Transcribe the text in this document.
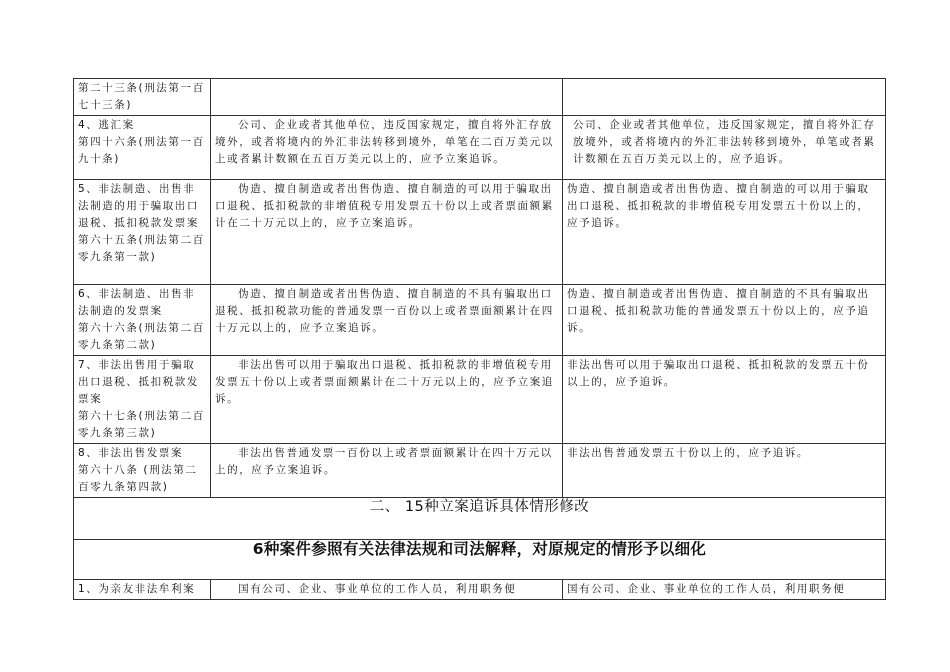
第二十三条(刑法第一百七十三条)		

4、逃汇案
第四十六条(刑法第一百九十条)	公司、企业或者其他单位，违反国家规定，擅自将外汇存放境外，或者将境内的外汇非法转移到境外，单笔在二百万美元以上或者累计数额在五百万美元以上的，应予立案追诉。	公司、企业或者其他单位，违反国家规定，擅自将外汇存放境外，或者将境内的外汇非法转移到境外，单笔或者累计数额在五百万美元以上的，应予追诉。

5、非法制造、出售非法制造的用于骗取出口退税、抵扣税款发票案
第六十五条(刑法第二百零九条第一款)	伪造、擅自制造或者出售伪造、擅自制造的可以用于骗取出口退税、抵扣税款的非增值税专用发票五十份以上或者票面额累计在二十万元以上的，应予立案追诉。	伪造、擅自制造或者出售伪造、擅自制造的可以用于骗取出口退税、抵扣税款的非增值税专用发票五十份以上的，应予追诉。

6、非法制造、出售非法制造的发票案
第六十六条(刑法第二百零九条第二款)	伪造、擅自制造或者出售伪造、擅自制造的不具有骗取出口退税、抵扣税款功能的普通发票一百份以上或者票面额累计在四十万元以上的，应予立案追诉。	伪造、擅自制造或者出售伪造、擅自制造的不具有骗取出口退税、抵扣税款功能的普通发票五十份以上的，应予追诉。

7、非法出售用于骗取出口退税、抵扣税款发票案
第六十七条(刑法第二百零九条第三款)	非法出售可以用于骗取出口退税、抵扣税款的非增值税专用发票五十份以上或者票面额累计在二十万元以上的，应予立案追诉。	非法出售可以用于骗取出口退税、抵扣税款的发票五十份以上的，应予追诉。

8、非法出售发票案
第六十八条 (刑法第二百零九条第四款)	非法出售普通发票一百份以上或者票面额累计在四十万元以上的，应予立案追诉。	非法出售普通发票五十份以上的，应予追诉。
二、 15种立案追诉具体情形修改		
6种案件参照有关法律法规和司法解释，对原规定的情形予以细化		
1、为亲友非法牟利案	国有公司、企业、事业单位的工作人员，利用职务便	国有公司、企业、事业单位的工作人员，利用职务便
